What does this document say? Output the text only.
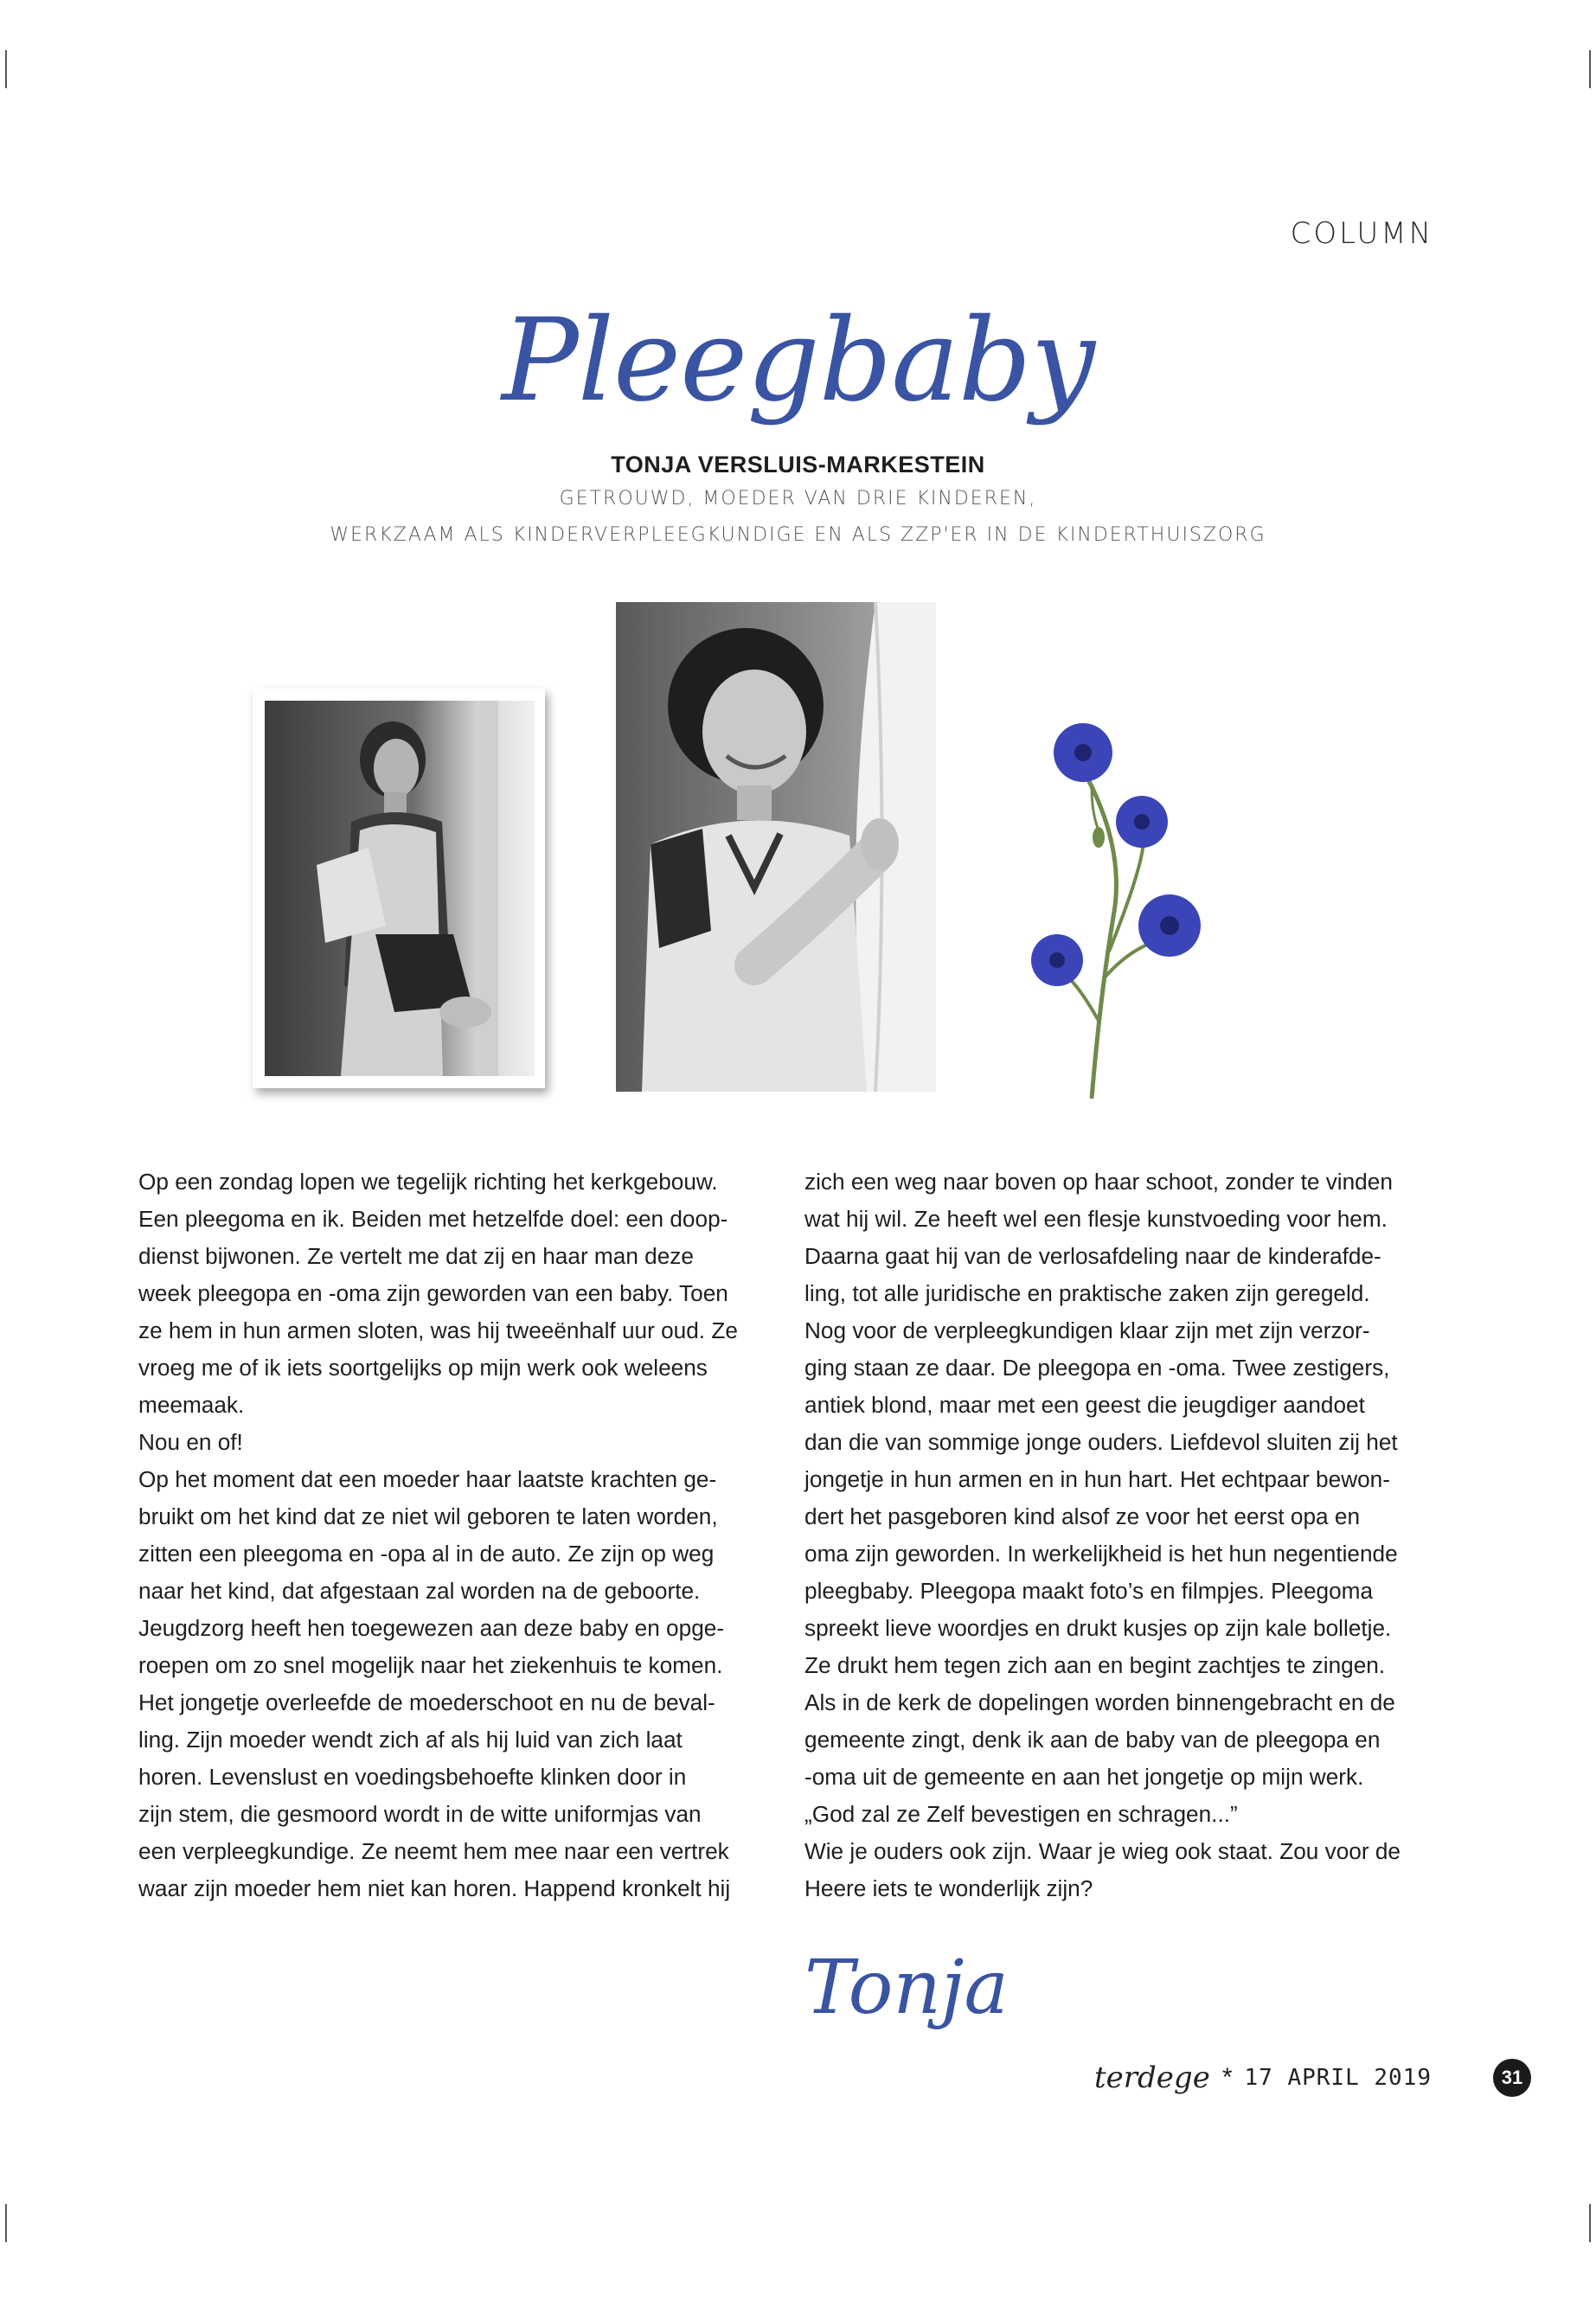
COLUMN
Pleegbaby
TONJA VERSLUIS-MARKESTEIN
GETROUWD, MOEDER VAN DRIE KINDEREN,
WERKZAAM ALS KINDERVERPLEEGKUNDIGE EN ALS ZZP'ER IN DE KINDERTHUISZORG

Op een zondag lopen we tegelijk richting het kerkgebouw.

Een pleegoma en ik. Beiden met hetzelfde doel: een doop-

dienst bijwonen. Ze vertelt me dat zij en haar man deze

week pleegopa en -oma zijn geworden van een baby. Toen

ze hem in hun armen sloten, was hij tweeënhalf uur oud. Ze

vroeg me of ik iets soortgelijks op mijn werk ook weleens

meemaak.

Nou en of!

Op het moment dat een moeder haar laatste krachten ge-

bruikt om het kind dat ze niet wil geboren te laten worden,

zitten een pleegoma en -opa al in de auto. Ze zijn op weg

naar het kind, dat afgestaan zal worden na de geboorte.

Jeugdzorg heeft hen toegewezen aan deze baby en opge-

roepen om zo snel mogelijk naar het ziekenhuis te komen.

Het jongetje overleefde de moederschoot en nu de beval-

ling. Zijn moeder wendt zich af als hij luid van zich laat

horen. Levenslust en voedingsbehoefte klinken door in

zijn stem, die gesmoord wordt in de witte uniformjas van

een verpleegkundige. Ze neemt hem mee naar een vertrek

waar zijn moeder hem niet kan horen. Happend kronkelt hij

zich een weg naar boven op haar schoot, zonder te vinden

wat hij wil. Ze heeft wel een flesje kunstvoeding voor hem.

Daarna gaat hij van de verlosafdeling naar de kinderafde-

ling, tot alle juridische en praktische zaken zijn geregeld.

Nog voor de verpleegkundigen klaar zijn met zijn verzor-

ging staan ze daar. De pleegopa en -oma. Twee zestigers,

antiek blond, maar met een geest die jeugdiger aandoet

dan die van sommige jonge ouders. Liefdevol sluiten zij het

jongetje in hun armen en in hun hart. Het echtpaar bewon-

dert het pasgeboren kind alsof ze voor het eerst opa en

oma zijn geworden. In werkelijkheid is het hun negentiende

pleegbaby. Pleegopa maakt foto’s en filmpjes. Pleegoma

spreekt lieve woordjes en drukt kusjes op zijn kale bolletje.

Ze drukt hem tegen zich aan en begint zachtjes te zingen.

Als in de kerk de dopelingen worden binnengebracht en de

gemeente zingt, denk ik aan de baby van de pleegopa en

-oma uit de gemeente en aan het jongetje op mijn werk.

„God zal ze Zelf bevestigen en schragen...”

Wie je ouders ook zijn. Waar je wieg ook staat. Zou voor de

Heere iets te wonderlijk zijn?

Tonja
terdege * 17 APRIL 2019	31
